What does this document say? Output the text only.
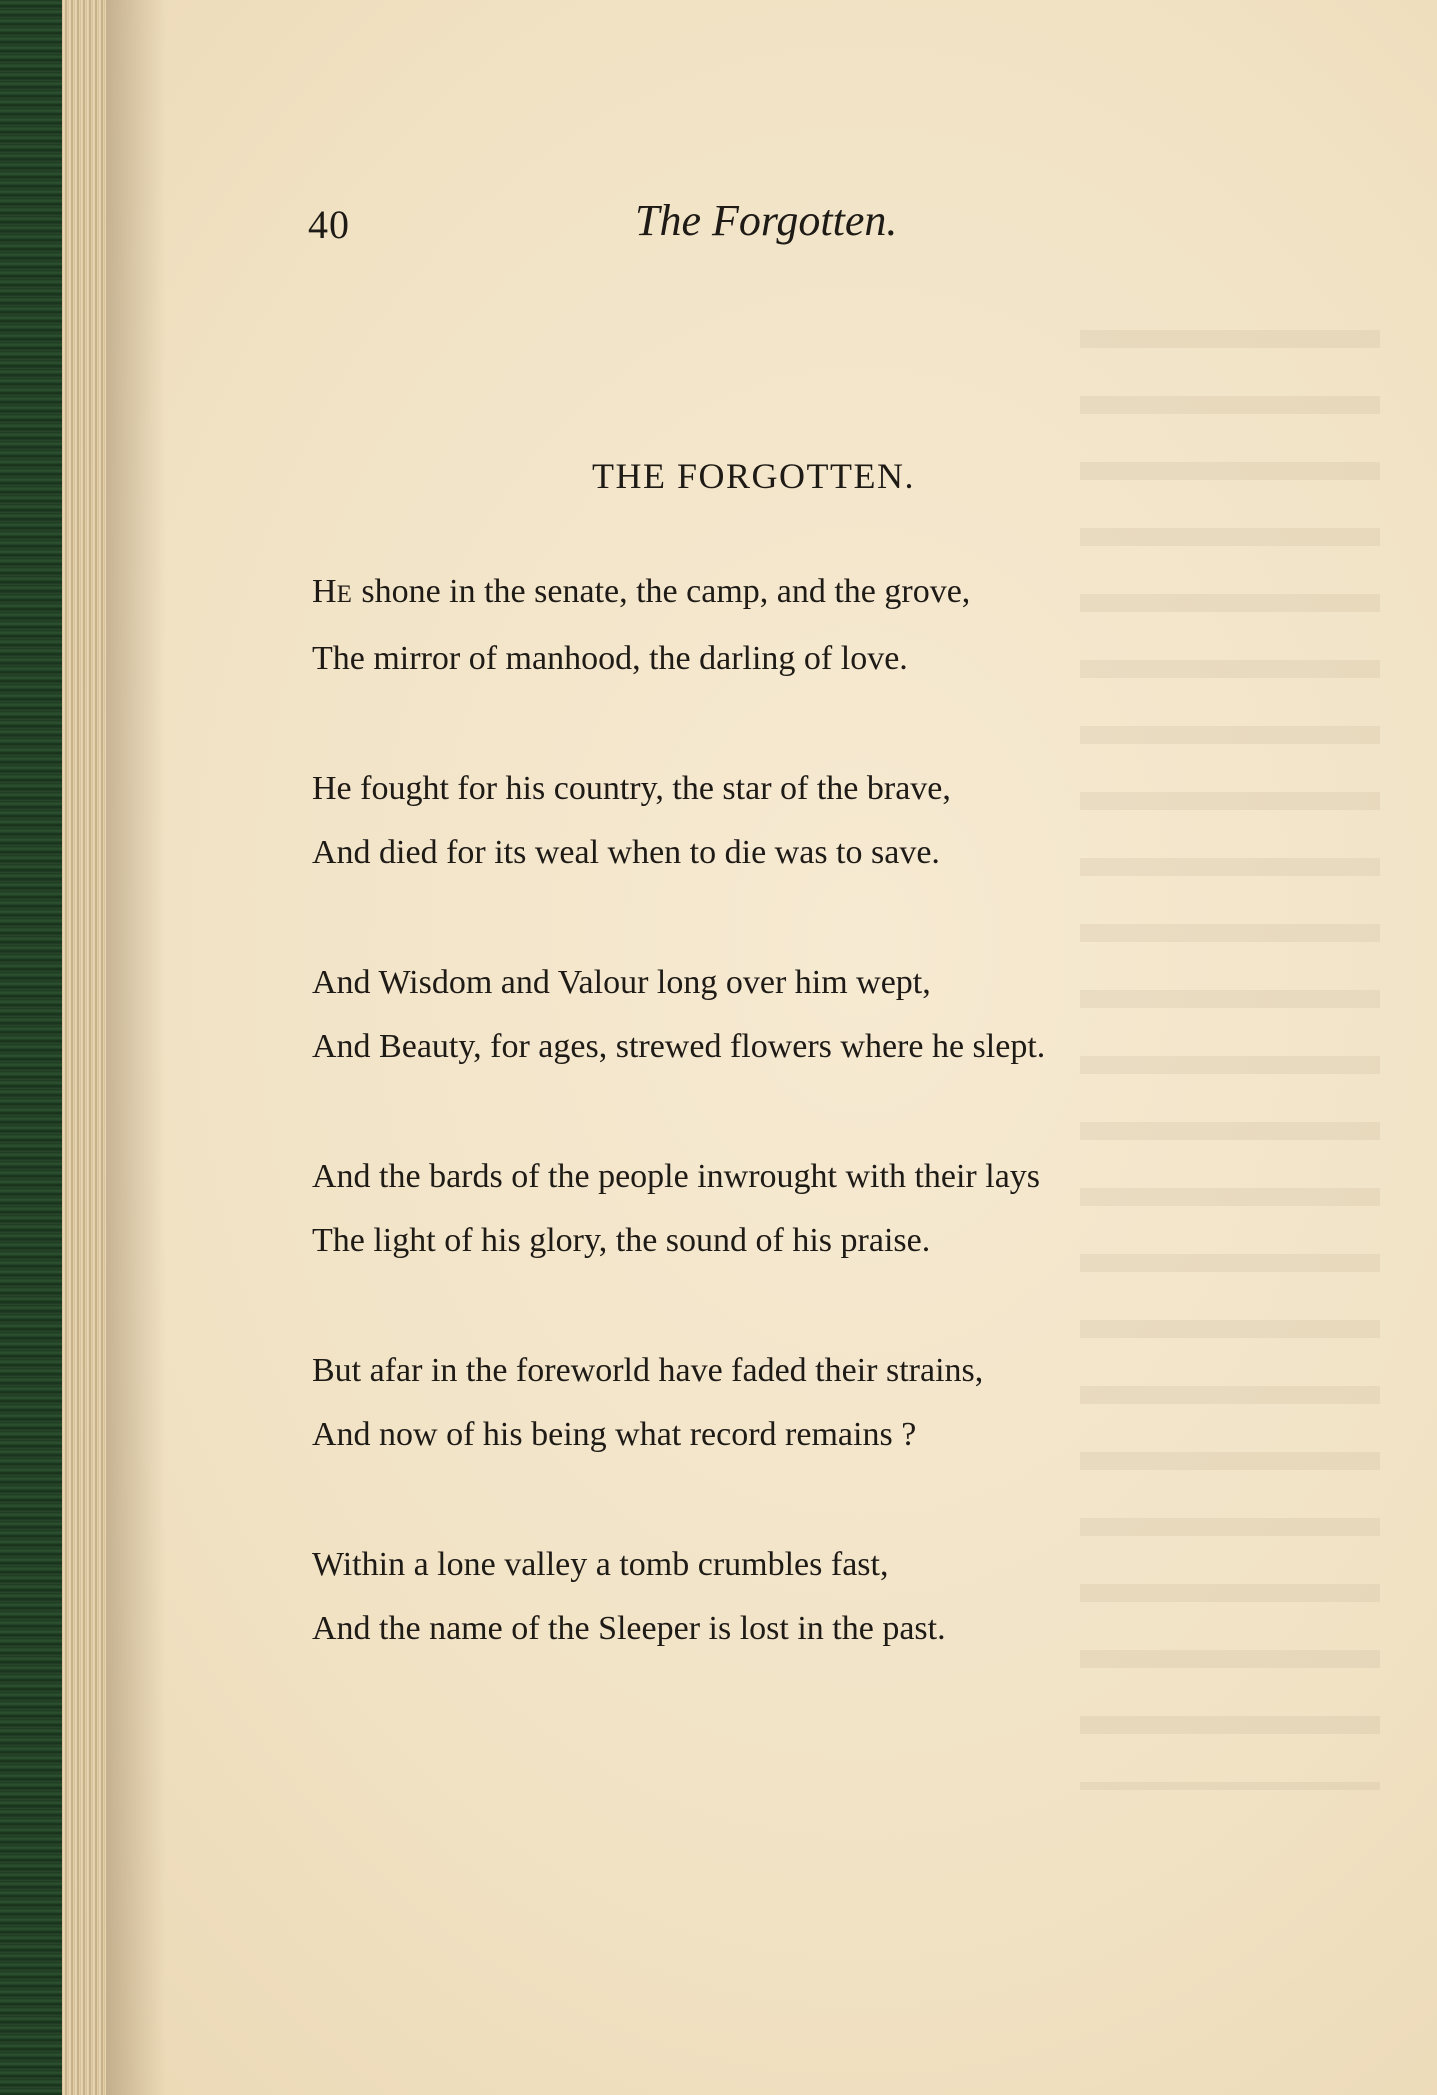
40	The Forgotten.
THE FORGOTTEN.
HE shone in the senate, the camp, and the grove,
The mirror of manhood, the darling of love.
He fought for his country, the star of the brave,
And died for its weal when to die was to save.
And Wisdom and Valour long over him wept,
And Beauty, for ages, strewed flowers where he slept.
And the bards of the people inwrought with their lays
The light of his glory, the sound of his praise.
But afar in the foreworld have faded their strains,
And now of his being what record remains ?
Within a lone valley a tomb crumbles fast,
And the name of the Sleeper is lost in the past.
